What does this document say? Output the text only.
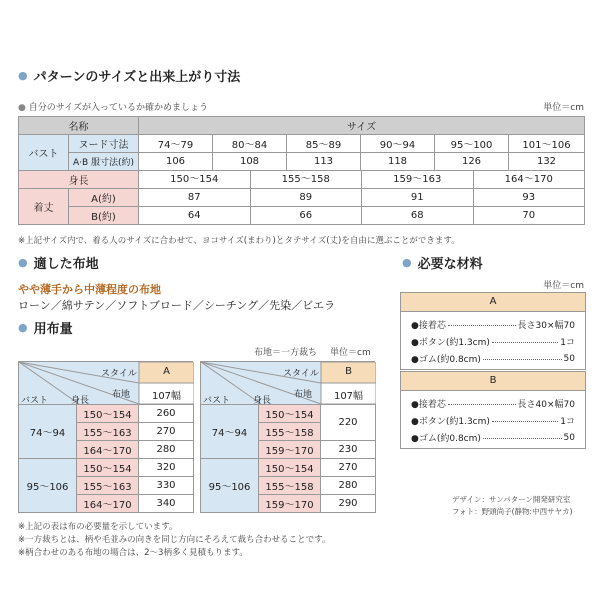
● パターンのサイズと出来上がり寸法
● 自分のサイズが入っているか確かめましょう	単位＝cm
名称		サイズ					
バスト	ヌード寸法	74〜79	80〜84	85〜89	90〜94	95〜100	101〜106
	A·B 服寸法(約)	106	108	113	118	126	132
身長		150〜154 155〜158 159〜163 164〜170					

着丈	A(約)	87 89 91 93					

	B(約)	64 66 68 70					
※上記サイズ内で、着る人のサイズに合わせて、ヨコサイズ(まわり)とタテサイズ(丈)を自由に選ぶことができます。
● 適した布地
やや薄手から中薄程度の布地
ローン／綿サテン／ソフトブロード／シーチング／先染／ビエラ
● 必要な材料
単位＝cm
A
●接着芯	長さ30×幅70
●ボタン(約1.3cm)	1コ
●ゴム(約0.8cm)	50
B
●接着芯	長さ40×幅70
●ボタン(約1.3cm)	1コ
●ゴム(約0.8cm)	50
● 用布量
布地＝一方裁ち 単位＝cm
スタイル
布地
身長
バスト
A
107幅
74〜94	150〜154	260
	155〜163	270
	164〜170	280
95〜106	150〜154	320
	155〜163	330
	164〜170	340
スタイル
布地
身長
バスト
B
107幅
74〜94	150〜154	220
	155〜158	
	159〜170	230
95〜106	150〜154	270
	155〜158	280
	159〜170	290
※上記の表は布の必要量を示しています。
※一方裁ちとは、柄や毛並みの向きを同じ方向にそろえて裁ち合わせることです。
※柄合わせのある布地の場合は、2〜3柄多く見積もります。
デザイン：サンパターン開発研究室
フォト：野頭尚子(静物:中西サヤカ)
